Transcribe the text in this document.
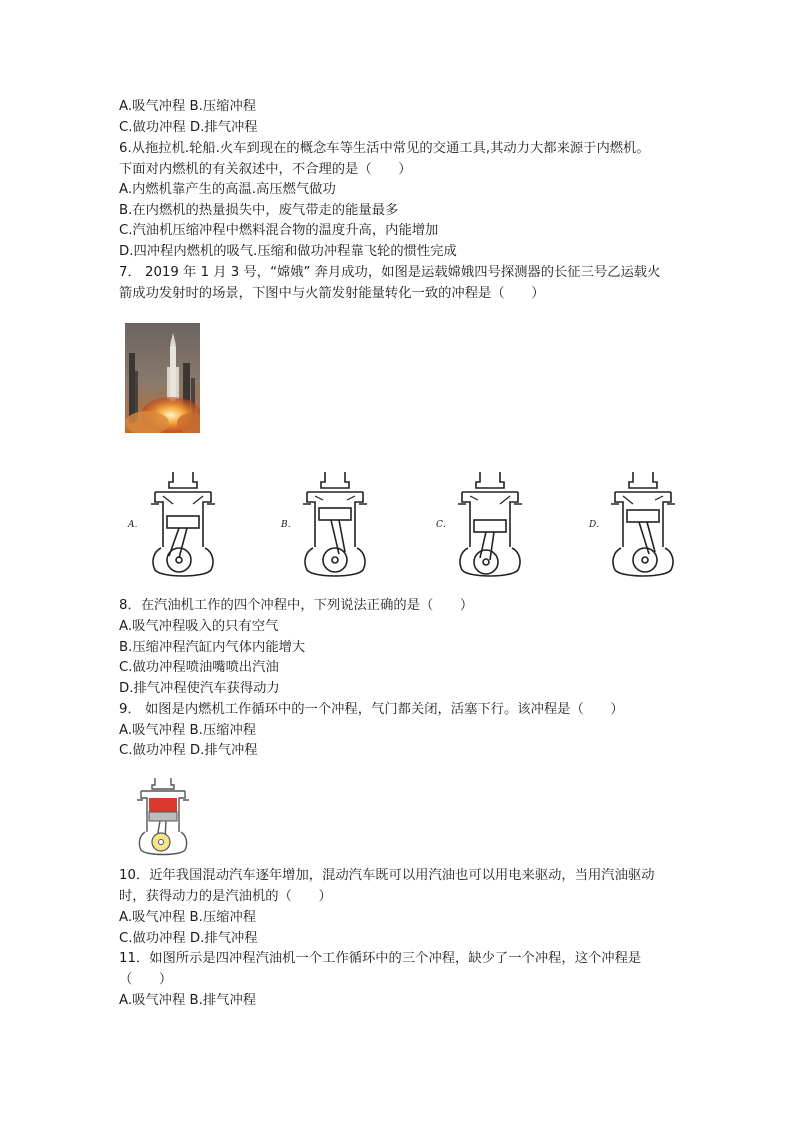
A.吸气冲程 B.压缩冲程
C.做功冲程 D.排气冲程
6.从拖拉机.轮船.火车到现在的概念车等生活中常见的交通工具,其动力大都来源于内燃机。
下面对内燃机的有关叙述中，不合理的是（　　）
A.内燃机靠产生的高温.高压燃气做功
B.在内燃机的热量损失中，废气带走的能量最多
C.汽油机压缩冲程中燃料混合物的温度升高，内能增加
D.四冲程内燃机的吸气.压缩和做功冲程靠飞轮的惯性完成
7． 2019 年 1 月 3 号，“嫦娥” 奔月成功，如图是运载嫦娥四号探测器的长征三号乙运载火
箭成功发射时的场景，下图中与火箭发射能量转化一致的冲程是（　　）
A．	B．	C．	D．
8．在汽油机工作的四个冲程中，下列说法正确的是（　　）
A.吸气冲程吸入的只有空气
B.压缩冲程汽缸内气体内能增大
C.做功冲程喷油嘴喷出汽油
D.排气冲程使汽车获得动力
9． 如图是内燃机工作循环中的一个冲程，气门都关闭，活塞下行。该冲程是（　　）
A.吸气冲程 B.压缩冲程
C.做功冲程 D.排气冲程
10．近年我国混动汽车逐年增加，混动汽车既可以用汽油也可以用电来驱动，当用汽油驱动
时，获得动力的是汽油机的（　　）
A.吸气冲程 B.压缩冲程
C.做功冲程 D.排气冲程
11．如图所示是四冲程汽油机一个工作循环中的三个冲程，缺少了一个冲程，这个冲程是
（　　）
A.吸气冲程 B.排气冲程
